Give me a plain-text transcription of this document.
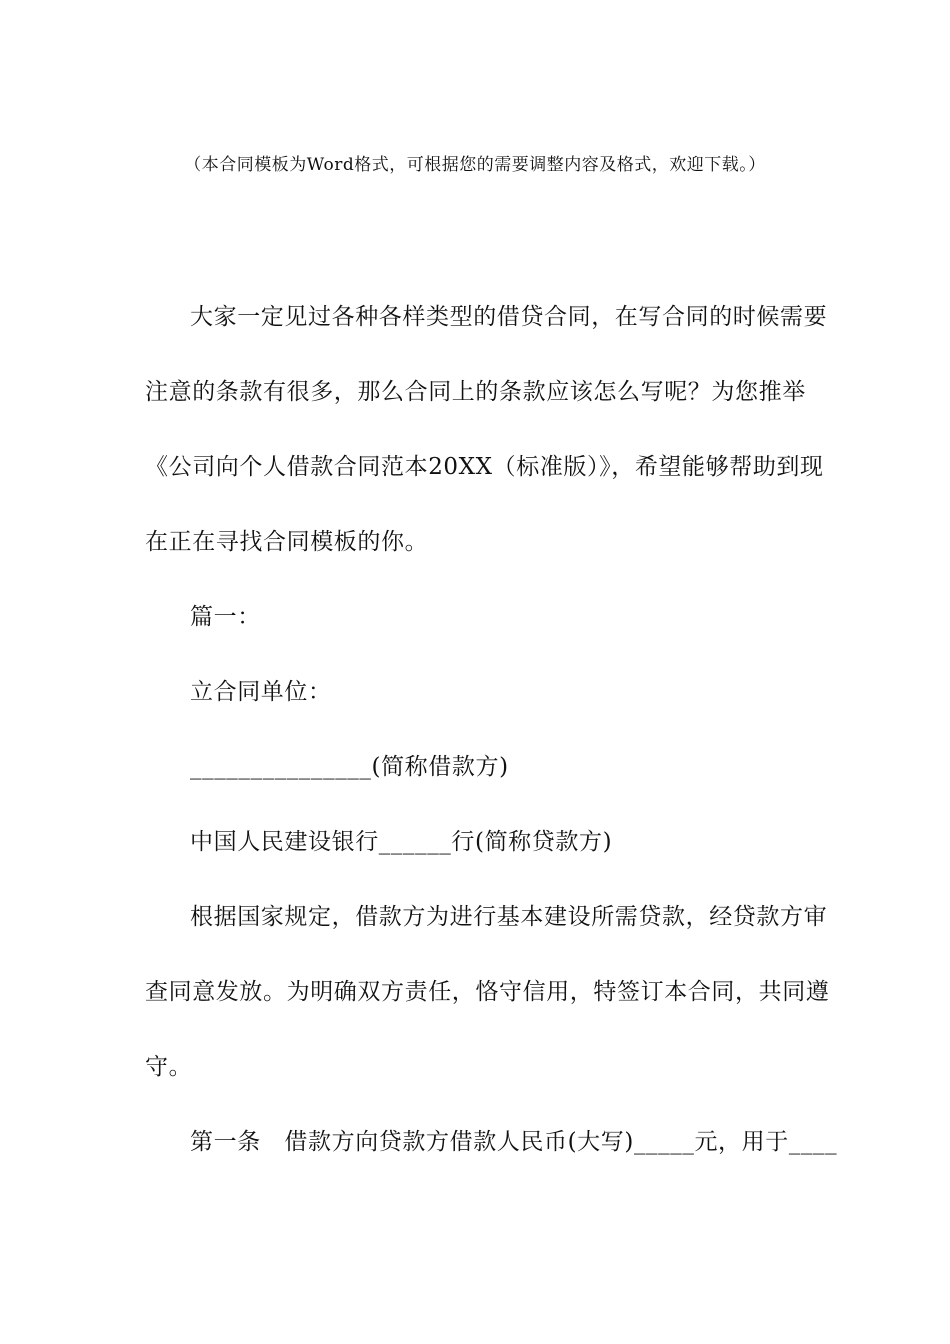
（本合同模板为Word格式，可根据您的需要调整内容及格式，欢迎下载。）
大家一定见过各种各样类型的借贷合同，在写合同的时候需要
注意的条款有很多，那么合同上的条款应该怎么写呢？为您推举
《公司向个人借款合同范本20XX（标准版）》，希望能够帮助到现
在正在寻找合同模板的你。
篇一：
立合同单位：
_______________(简称借款方)
中国人民建设银行______行(简称贷款方)
根据国家规定，借款方为进行基本建设所需贷款，经贷款方审
查同意发放。为明确双方责任，恪守信用，特签订本合同，共同遵
守。
第一条　借款方向贷款方借款人民币(大写)_____元，用于____
